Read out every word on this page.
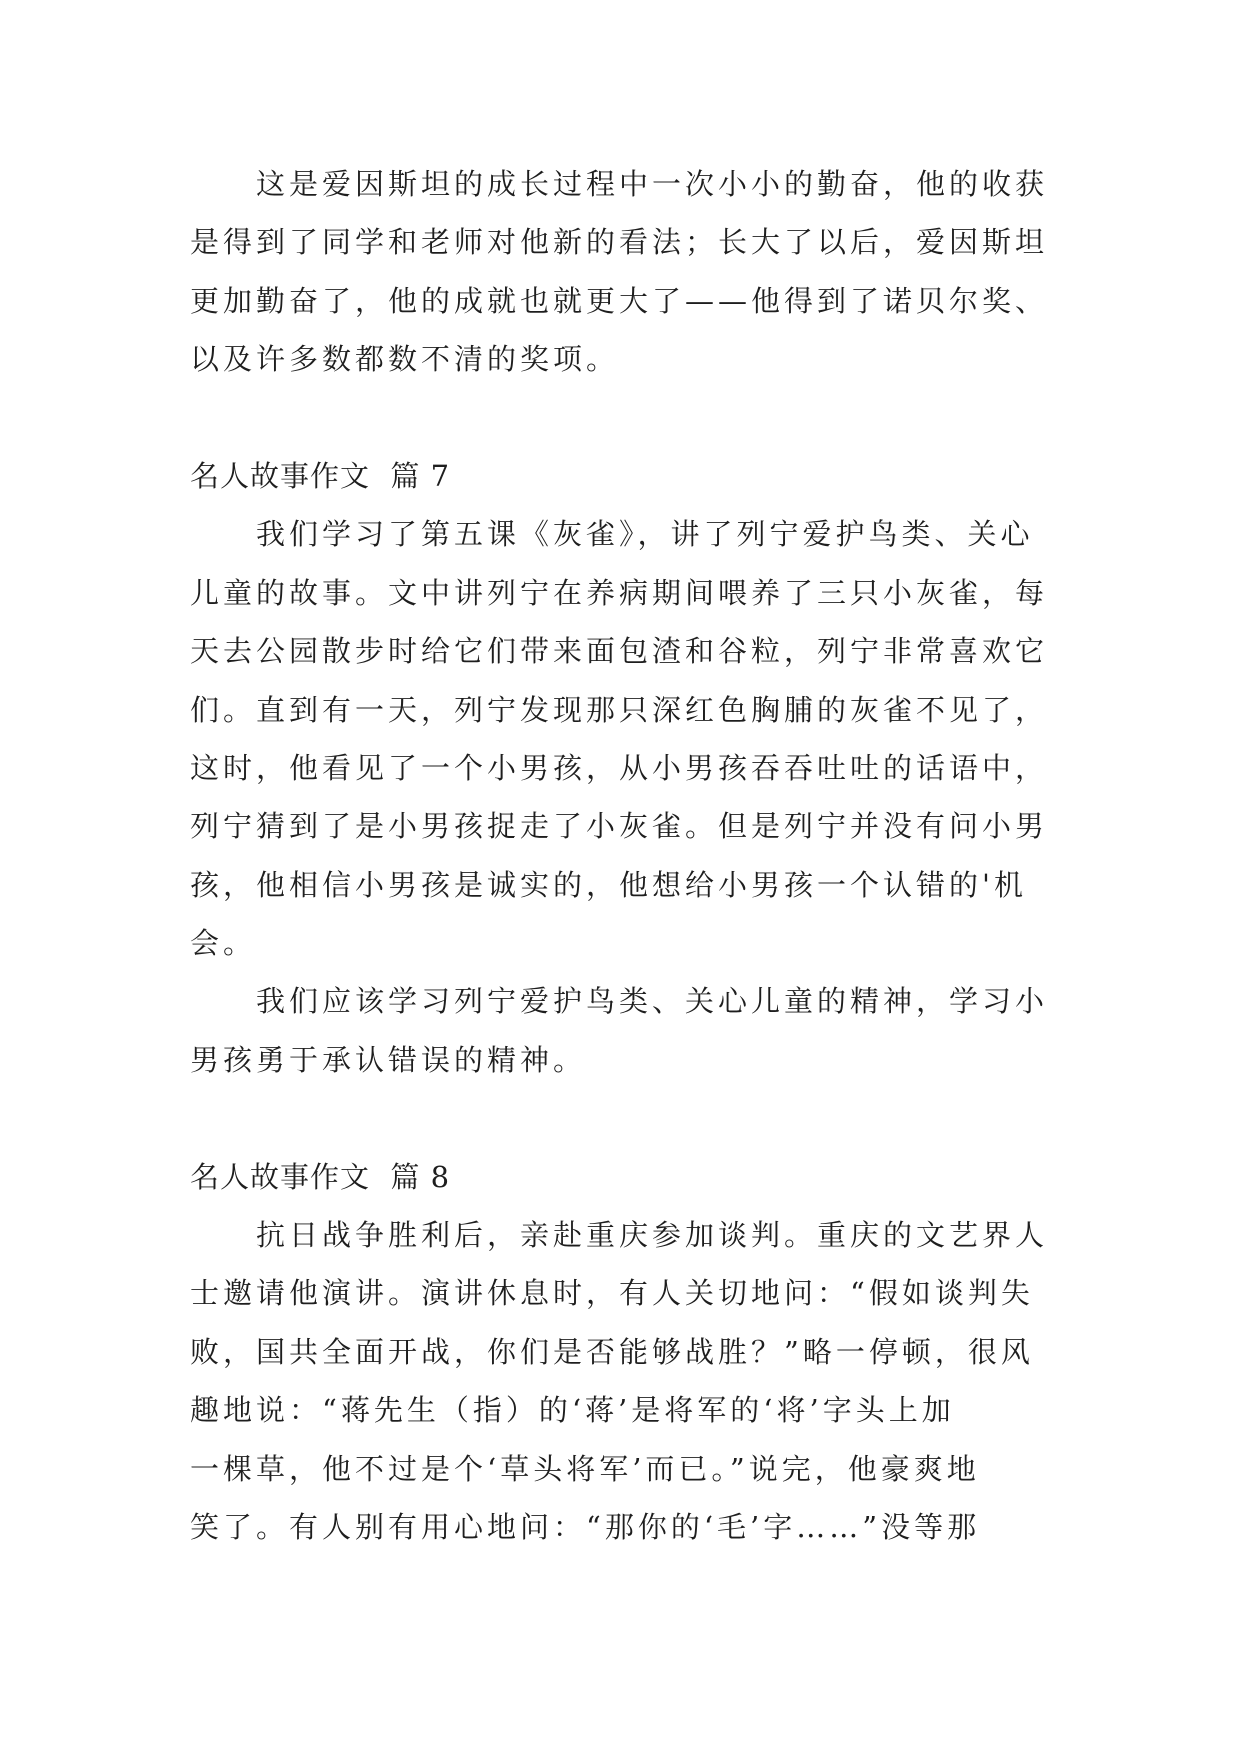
这是爱因斯坦的成长过程中一次小小的勤奋，他的收获
是得到了同学和老师对他新的看法；长大了以后，爱因斯坦
更加勤奋了，他的成就也就更大了——他得到了诺贝尔奖、
以及许多数都数不清的奖项。
名人故事作文  篇 7
我们学习了第五课《灰雀》，讲了列宁爱护鸟类、关心
儿童的故事。文中讲列宁在养病期间喂养了三只小灰雀，每
天去公园散步时给它们带来面包渣和谷粒，列宁非常喜欢它
们。直到有一天，列宁发现那只深红色胸脯的灰雀不见了，
这时，他看见了一个小男孩，从小男孩吞吞吐吐的话语中，
列宁猜到了是小男孩捉走了小灰雀。但是列宁并没有问小男
孩，他相信小男孩是诚实的，他想给小男孩一个认错的'机
会。
我们应该学习列宁爱护鸟类、关心儿童的精神，学习小
男孩勇于承认错误的精神。
名人故事作文  篇 8
抗日战争胜利后，亲赴重庆参加谈判。重庆的文艺界人
士邀请他演讲。演讲休息时，有人关切地问：“假如谈判失
败，国共全面开战，你们是否能够战胜？”略一停顿，很风
趣地说：“蒋先生（指）的‘蒋’是将军的‘将’字头上加
一棵草，他不过是个‘草头将军’而已。”说完，他豪爽地
笑了。有人别有用心地问：“那你的‘毛’字……”没等那
